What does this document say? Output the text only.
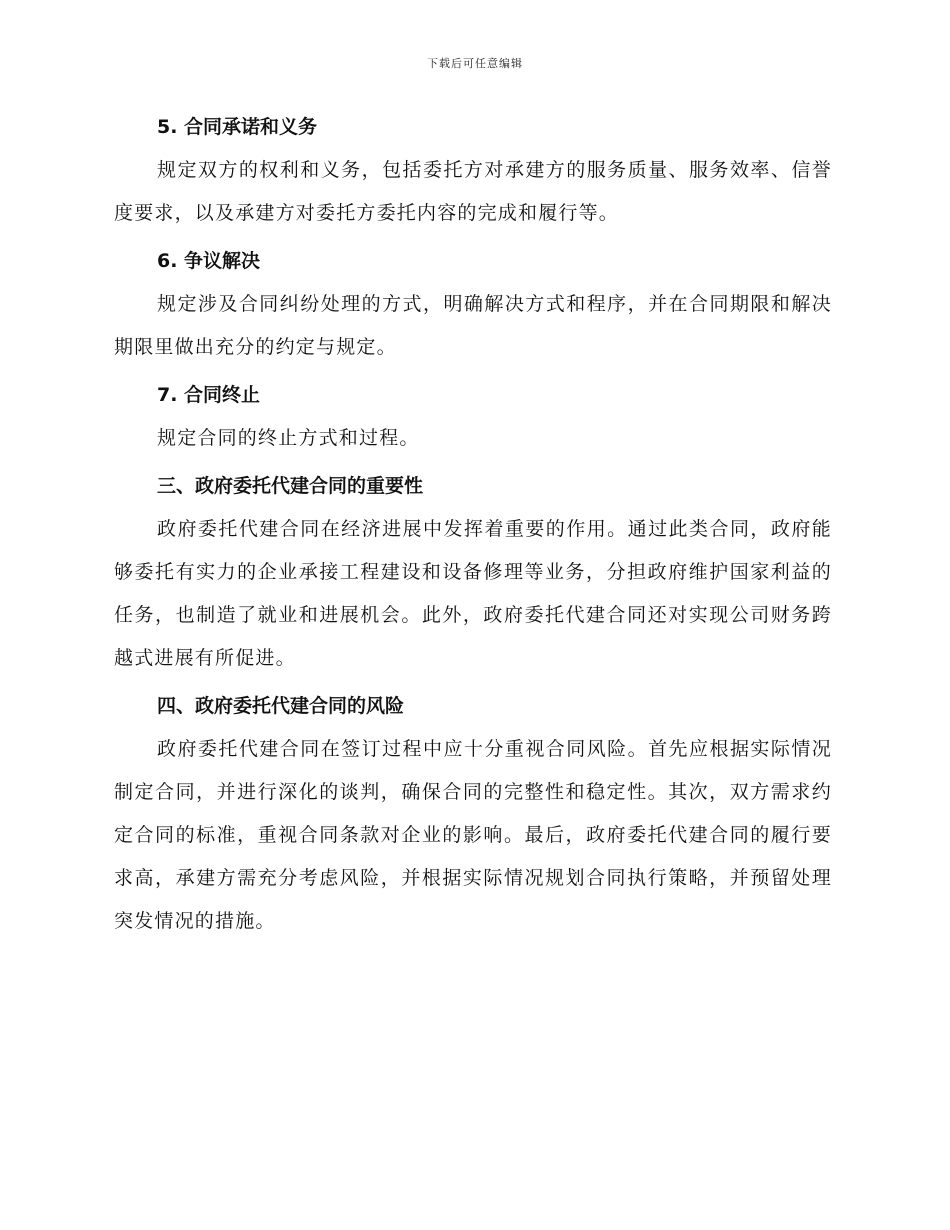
下载后可任意编辑
5. 合同承诺和义务

规定双方的权利和义务，包括委托方对承建方的服务质量、服务效率、信誉度要求，以及承建方对委托方委托内容的完成和履行等。

6. 争议解决

规定涉及合同纠纷处理的方式，明确解决方式和程序，并在合同期限和解决期限里做出充分的约定与规定。

7. 合同终止

规定合同的终止方式和过程。

三、政府委托代建合同的重要性

政府委托代建合同在经济进展中发挥着重要的作用。通过此类合同，政府能够委托有实力的企业承接工程建设和设备修理等业务，分担政府维护国家利益的任务，也制造了就业和进展机会。此外，政府委托代建合同还对实现公司财务跨越式进展有所促进。

四、政府委托代建合同的风险

政府委托代建合同在签订过程中应十分重视合同风险。首先应根据实际情况制定合同，并进行深化的谈判，确保合同的完整性和稳定性。其次，双方需求约定合同的标准，重视合同条款对企业的影响。最后，政府委托代建合同的履行要求高，承建方需充分考虑风险，并根据实际情况规划合同执行策略，并预留处理突发情况的措施。
